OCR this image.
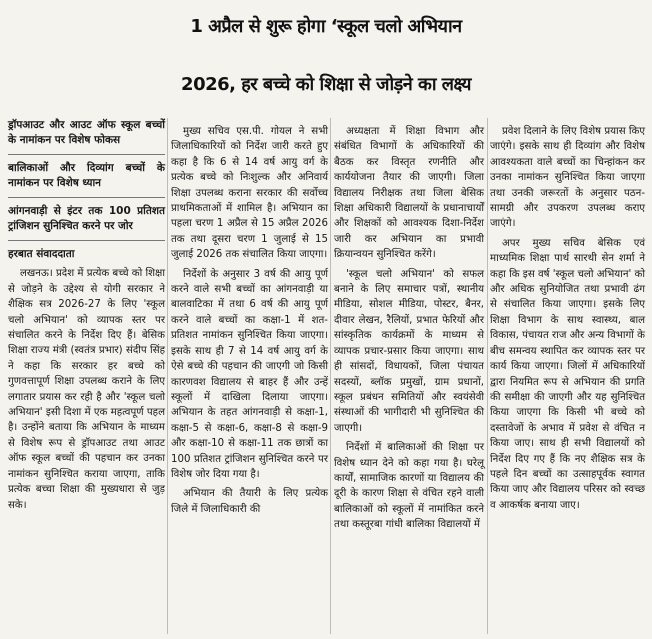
1 अप्रैल से शुरू होगा ‘स्कूल चलो अभियान
2026, हर बच्चे को शिक्षा से जोड़ने का लक्ष्य
ड्रॉपआउट और आउट ऑफ स्कूल बच्चों के नामांकन पर विशेष फोकस
बालिकाओं और दिव्यांग बच्चों के नामांकन पर विशेष ध्यान
आंगनवाड़ी से इंटर तक 100 प्रतिशत ट्रांजिशन सुनिश्चित करने पर जोर
हरबात संवाददाता

लखनऊ। प्रदेश में प्रत्येक बच्चे को शिक्षा से जोड़ने के उद्देश्य से योगी सरकार ने शैक्षिक सत्र 2026-27 के लिए 'स्कूल चलो अभियान' को व्यापक स्तर पर संचालित करने के निर्देश दिए हैं। बेसिक शिक्षा राज्य मंत्री (स्वतंत्र प्रभार) संदीप सिंह ने कहा कि सरकार हर बच्चे को गुणवत्तापूर्ण शिक्षा उपलब्ध कराने के लिए लगातार प्रयास कर रही है और 'स्कूल चलो अभियान' इसी दिशा में एक महत्वपूर्ण पहल है। उन्होंने बताया कि अभियान के माध्यम से विशेष रूप से ड्रॉपआउट तथा आउट ऑफ स्कूल बच्चों की पहचान कर उनका नामांकन सुनिश्चित कराया जाएगा, ताकि प्रत्येक बच्चा शिक्षा की मुख्यधारा से जुड़ सके।

मुख्य सचिव एस.पी. गोयल ने सभी जिलाधिकारियों को निर्देश जारी करते हुए कहा है कि 6 से 14 वर्ष आयु वर्ग के प्रत्येक बच्चे को निःशुल्क और अनिवार्य शिक्षा उपलब्ध कराना सरकार की सर्वोच्च प्राथमिकताओं में शामिल है। अभियान का पहला चरण 1 अप्रैल से 15 अप्रैल 2026 तक तथा दूसरा चरण 1 जुलाई से 15 जुलाई 2026 तक संचालित किया जाएगा।

निर्देशों के अनुसार 3 वर्ष की आयु पूर्ण करने वाले सभी बच्चों का आंगनवाड़ी या बालवाटिका में तथा 6 वर्ष की आयु पूर्ण करने वाले बच्चों का कक्षा-1 में शत-प्रतिशत नामांकन सुनिश्चित किया जाएगा। इसके साथ ही 7 से 14 वर्ष आयु वर्ग के ऐसे बच्चे की पहचान की जाएगी जो किसी कारणवश विद्यालय से बाहर हैं और उन्हें स्कूलों में दाखिला दिलाया जाएगा। अभियान के तहत आंगनवाड़ी से कक्षा-1, कक्षा-5 से कक्षा-6, कक्षा-8 से कक्षा-9 और कक्षा-10 से कक्षा-11 तक छात्रों का 100 प्रतिशत ट्रांजिशन सुनिश्चित करने पर विशेष जोर दिया गया है।

अभियान की तैयारी के लिए प्रत्येक जिले में जिलाधिकारी की

अध्यक्षता में शिक्षा विभाग और संबंधित विभागों के अधिकारियों की बैठक कर विस्तृत रणनीति और कार्ययोजना तैयार की जाएगी। जिला विद्यालय निरीक्षक तथा जिला बेसिक शिक्षा अधिकारी विद्यालयों के प्रधानाचार्यों और शिक्षकों को आवश्यक दिशा-निर्देश जारी कर अभियान का प्रभावी क्रियान्वयन सुनिश्चित करेंगे।

'स्कूल चलो अभियान' को सफल बनाने के लिए समाचार पत्रों, स्थानीय मीडिया, सोशल मीडिया, पोस्टर, बैनर, दीवार लेखन, रैलियों, प्रभात फेरियों और सांस्कृतिक कार्यक्रमों के माध्यम से व्यापक प्रचार-प्रसार किया जाएगा। साथ ही सांसदों, विधायकों, जिला पंचायत सदस्यों, ब्लॉक प्रमुखों, ग्राम प्रधानों, स्कूल प्रबंधन समितियों और स्वयंसेवी संस्थाओं की भागीदारी भी सुनिश्चित की जाएगी।

निर्देशों में बालिकाओं की शिक्षा पर विशेष ध्यान देने को कहा गया है। घरेलू कार्यों, सामाजिक कारणों या विद्यालय की दूरी के कारण शिक्षा से वंचित रहने वाली बालिकाओं को स्कूलों में नामांकित करने तथा कस्तूरबा गांधी बालिका विद्यालयों में

प्रवेश दिलाने के लिए विशेष प्रयास किए जाएंगे। इसके साथ ही दिव्यांग और विशेष आवश्यकता वाले बच्चों का चिन्हांकन कर उनका नामांकन सुनिश्चित किया जाएगा तथा उनकी जरूरतों के अनुसार पठन-सामग्री और उपकरण उपलब्ध कराए जाएंगे।

अपर मुख्य सचिव बेसिक एवं माध्यमिक शिक्षा पार्थ सारथी सेन शर्मा ने कहा कि इस वर्ष 'स्कूल चलो अभियान' को और अधिक सुनियोजित तथा प्रभावी ढंग से संचालित किया जाएगा। इसके लिए शिक्षा विभाग के साथ स्वास्थ्य, बाल विकास, पंचायत राज और अन्य विभागों के बीच समन्वय स्थापित कर व्यापक स्तर पर कार्य किया जाएगा। जिलों में अधिकारियों द्वारा नियमित रूप से अभियान की प्रगति की समीक्षा की जाएगी और यह सुनिश्चित किया जाएगा कि किसी भी बच्चे को दस्तावेजों के अभाव में प्रवेश से वंचित न किया जाए। साथ ही सभी विद्यालयों को निर्देश दिए गए हैं कि नए शैक्षिक सत्र के पहले दिन बच्चों का उत्साहपूर्वक स्वागत किया जाए और विद्यालय परिसर को स्वच्छ व आकर्षक बनाया जाए।
